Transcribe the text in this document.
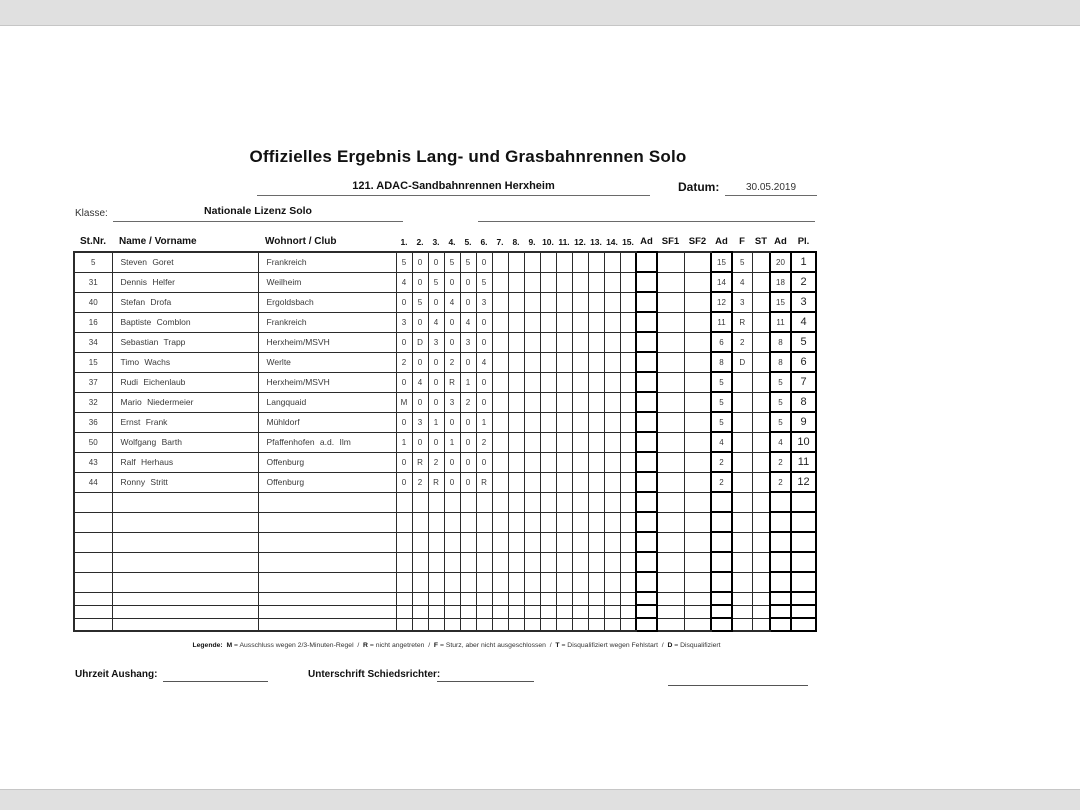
Offizielles Ergebnis Lang- und Grasbahnrennen Solo
121. ADAC-Sandbahnrennen Herxheim	Datum:	30.05.2019
Klasse:	Nationale Lizenz Solo
St.Nr.	Name / Vorname	Wohnort / Club	1.	2.	3.	4.	5.	6.	7.	8.	9.	10.	11.	12.	13.	14.	15.	Ad	SF1	SF2	Ad	F	ST	Ad	Pl.
5	Steven Goret	Frankreich	5	0	0	5	5	0													15	5		20	1
31	Dennis Helfer	Weilheim	4	0	5	0	0	5													14	4		18	2
40	Stefan Drofa	Ergoldsbach	0	5	0	4	0	3													12	3		15	3
16	Baptiste Comblon	Frankreich	3	0	4	0	4	0													11	R		11	4
34	Sebastian Trapp	Herxheim/MSVH	0	D	3	0	3	0													6	2		8	5
15	Timo Wachs	Werlte	2	0	0	2	0	4													8	D		8	6
37	Rudi Eichenlaub	Herxheim/MSVH	0	4	0	R	1	0													5			5	7
32	Mario Niedermeier	Langquaid	M	0	0	3	2	0													5			5	8
36	Ernst Frank	Mühldorf	0	3	1	0	0	1													5			5	9
50	Wolfgang Barth	Pfaffenhofen a.d. Ilm	1	0	0	1	0	2													4			4	10
43	Ralf Herhaus	Offenburg	0	R	2	0	0	0													2			2	11
44	Ronny Stritt	Offenburg	0	2	R	0	0	R													2			2	12

Legende:  M = Ausschluss wegen 2/3-Minuten-Regel  /  R = nicht angetreten  /  F = Sturz, aber nicht ausgeschlossen  /  T = Disqualifiziert wegen Fehlstart  /  D = Disqualifiziert
Uhrzeit Aushang:	Unterschrift Schiedsrichter:
